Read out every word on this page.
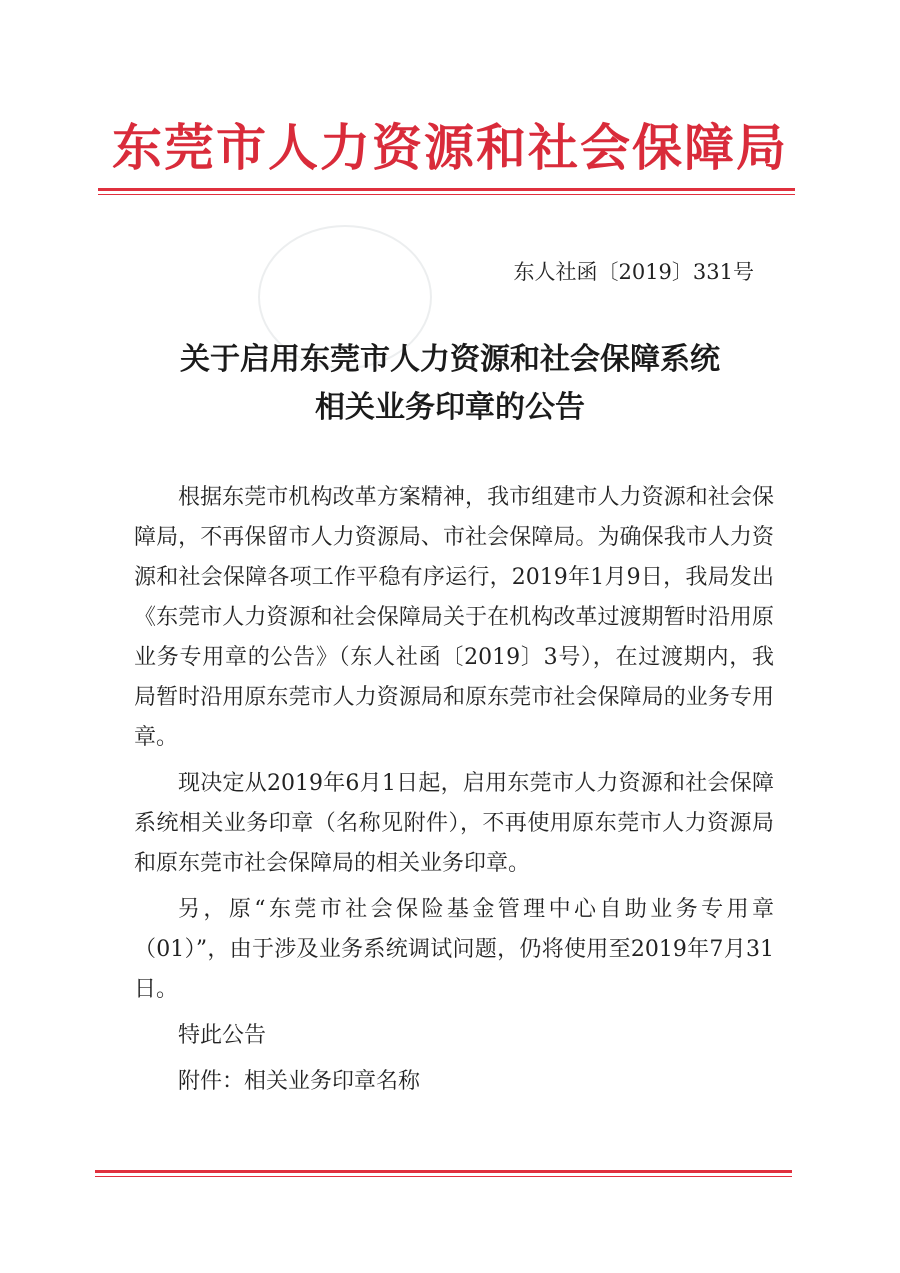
东莞市人力资源和社会保障局
东人社函〔2019〕331号
关于启用东莞市人力资源和社会保障系统
相关业务印章的公告

根据东莞市机构改革方案精神，我市组建市人力资源和社会保障局，不再保留市人力资源局、市社会保障局。为确保我市人力资源和社会保障各项工作平稳有序运行，2019年1月9日，我局发出《东莞市人力资源和社会保障局关于在机构改革过渡期暂时沿用原业务专用章的公告》（东人社函〔2019〕3号），在过渡期内，我局暂时沿用原东莞市人力资源局和原东莞市社会保障局的业务专用章。

现决定从2019年6月1日起，启用东莞市人力资源和社会保障系统相关业务印章（名称见附件），不再使用原东莞市人力资源局和原东莞市社会保障局的相关业务印章。

另，原“东莞市社会保险基金管理中心自助业务专用章（01）”，由于涉及业务系统调试问题，仍将使用至2019年7月31日。

特此公告

附件：相关业务印章名称
